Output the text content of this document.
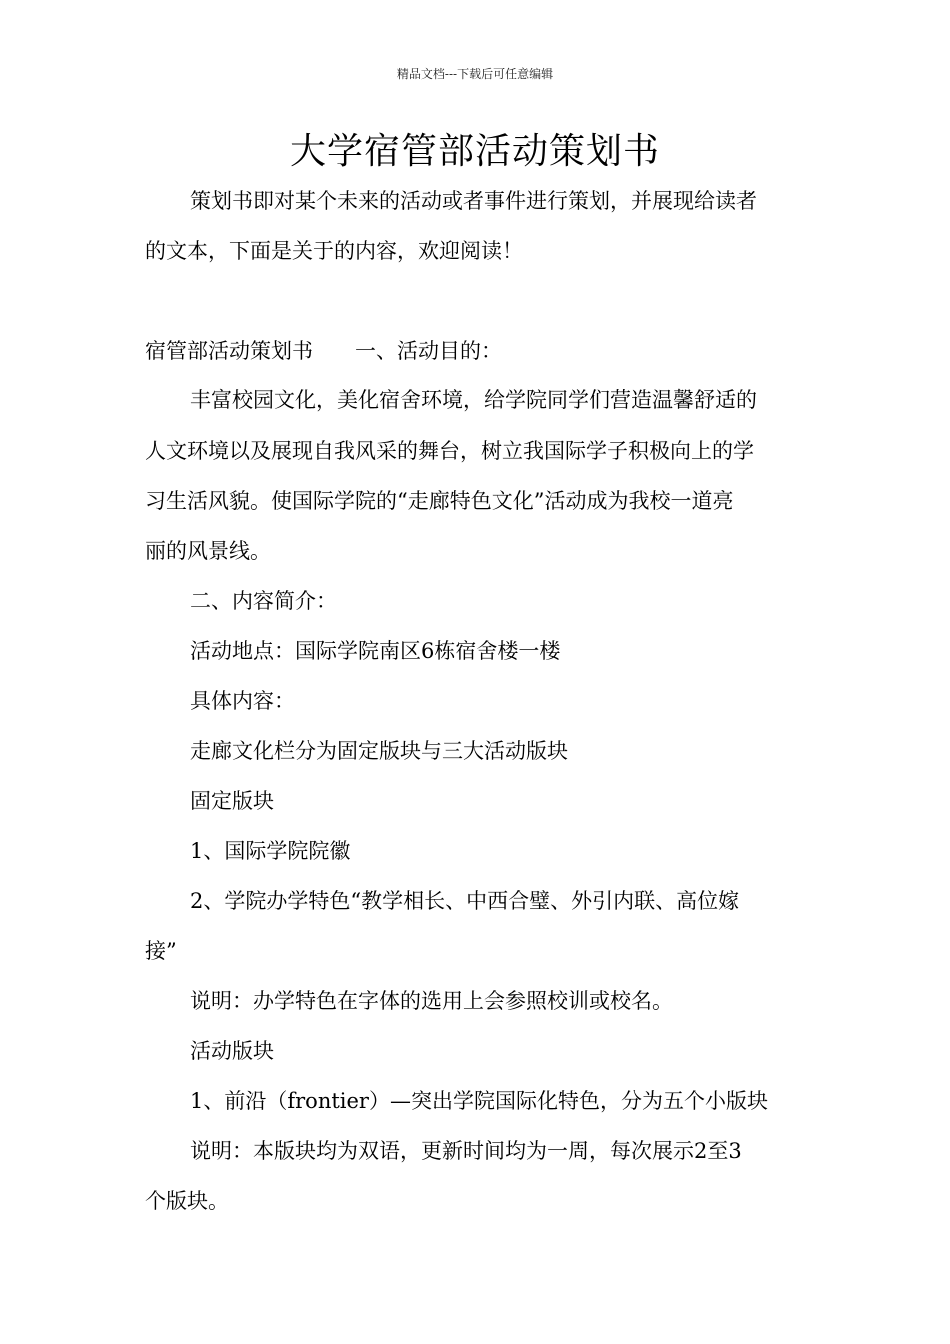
精品文档---下载后可任意编辑
大学宿管部活动策划书
策划书即对某个未来的活动或者事件进行策划，并展现给读者
的文本，下面是关于的内容，欢迎阅读！
宿管部活动策划书　　一、活动目的：
丰富校园文化，美化宿舍环境，给学院同学们营造温馨舒适的
人文环境以及展现自我风采的舞台，树立我国际学子积极向上的学
习生活风貌。使国际学院的“走廊特色文化”活动成为我校一道亮
丽的风景线。
二、内容简介：
活动地点：国际学院南区6栋宿舍楼一楼
具体内容：
走廊文化栏分为固定版块与三大活动版块
固定版块
1、国际学院院徽
2、学院办学特色“教学相长、中西合璧、外引内联、高位嫁
接”
说明：办学特色在字体的选用上会参照校训或校名。
活动版块
1、前沿（frontier）—突出学院国际化特色，分为五个小版块
说明：本版块均为双语，更新时间均为一周，每次展示2至3
个版块。
